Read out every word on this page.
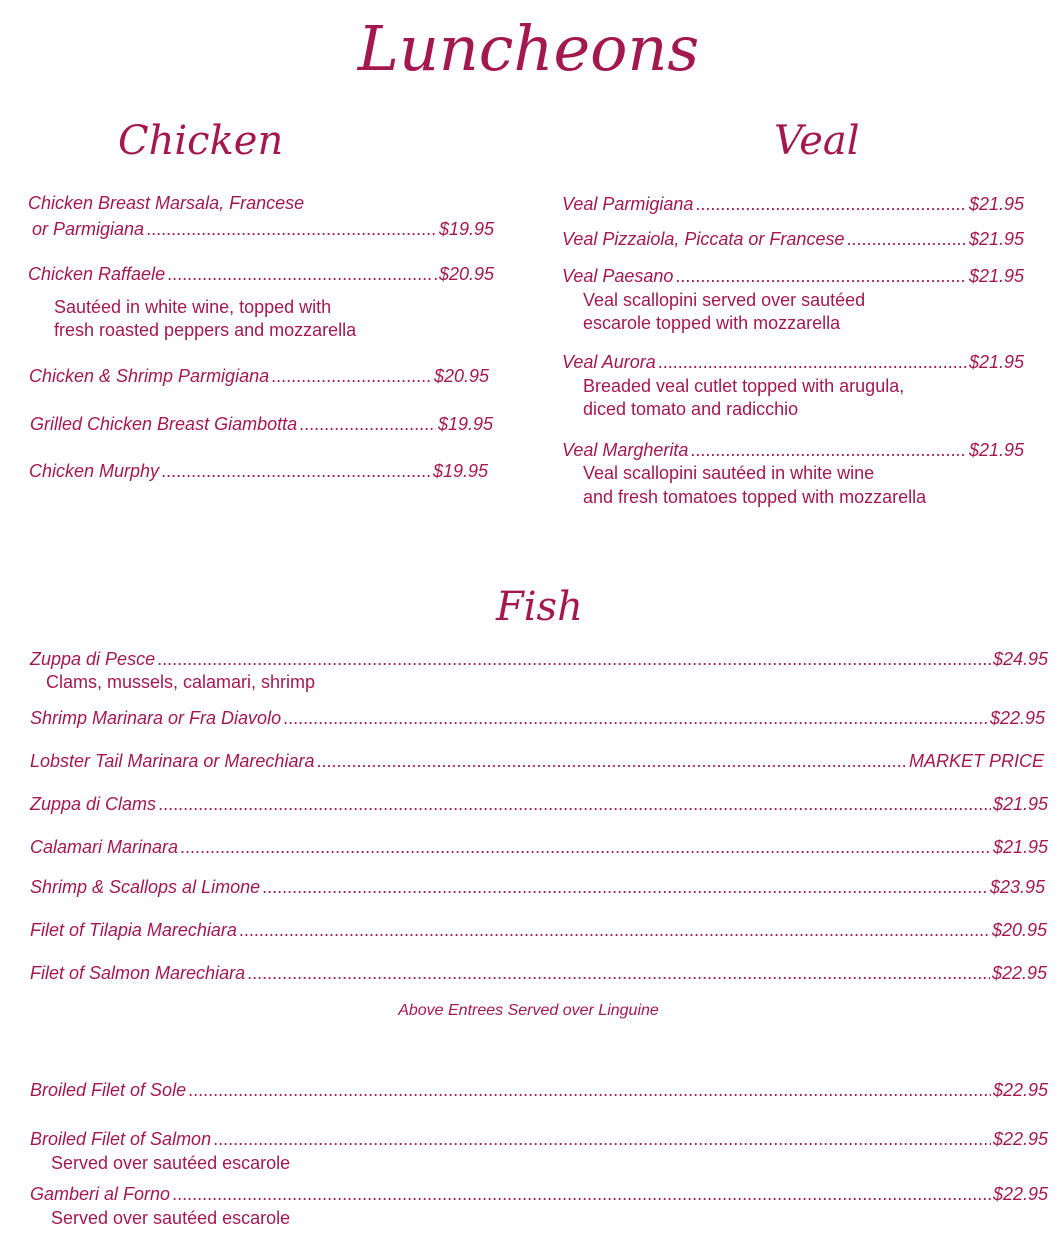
Luncheons
Chicken
Chicken Breast Marsala, Francese
or Parmigiana .....	$19.95
Chicken Raffaele .....	.$20.95
Sautéed in white wine, topped with
fresh roasted peppers and mozzarella
Chicken & Shrimp Parmigiana .....	$20.95
Grilled Chicken Breast Giambotta .....	$19.95
Chicken Murphy .....	$19.95
Veal
Veal Parmigiana .....	$21.95
Veal Pizzaiola, Piccata or Francese .....	$21.95
Veal Paesano .....	$21.95
Veal scallopini served over sautéed
escarole topped with mozzarella
Veal Aurora .....	$21.95
Breaded veal cutlet topped with arugula,
diced tomato and radicchio
Veal Margherita .....	$21.95
Veal scallopini sautéed in white wine
and fresh tomatoes topped with mozzarella
Fish
Zuppa di Pesce .....	$24.95
Clams, mussels, calamari, shrimp
Shrimp Marinara or Fra Diavolo .....	$22.95
Lobster Tail Marinara or Marechiara .....	MARKET PRICE
Zuppa di Clams .....	$21.95
Calamari Marinara .....	$21.95
Shrimp & Scallops al Limone .....	$23.95
Filet of Tilapia Marechiara .....	$20.95
Filet of Salmon Marechiara .....	$22.95
Above Entrees Served over Linguine
Broiled Filet of Sole .....	$22.95
Broiled Filet of Salmon .....	$22.95
Served over sautéed escarole
Gamberi al Forno .....	$22.95
Served over sautéed escarole
